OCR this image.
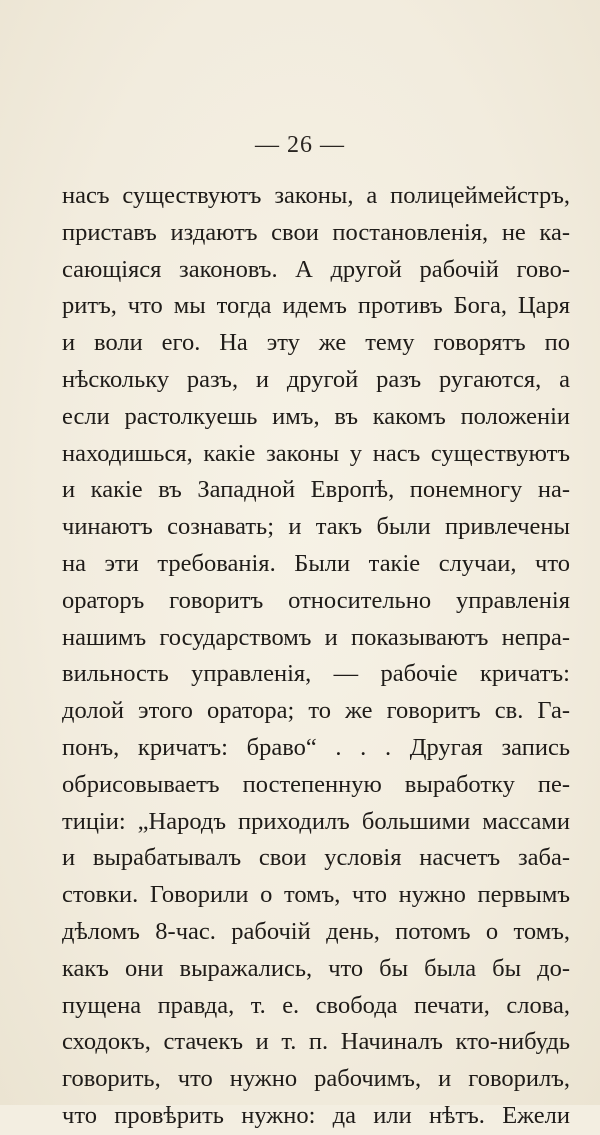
— 26 —
насъ существуютъ законы, а полицеймейстръ,
приставъ издаютъ свои постановленія, не ка-
сающіяся законовъ. А другой рабочій гово-
ритъ, что мы тогда идемъ противъ Бога, Царя
и воли его. На эту же тему говорятъ по
нѣскольку разъ, и другой разъ ругаются, а
если растолкуешь имъ, въ какомъ положеніи
находишься, какіе законы у насъ существуютъ
и какіе въ Западной Европѣ, понемногу на-
чинаютъ сознавать; и такъ были привлечены
на эти требованія. Были такіе случаи, что
ораторъ говоритъ относительно управленія
нашимъ государствомъ и показываютъ непра-
вильность управленія, — рабочіе кричатъ:
долой этого оратора; то же говоритъ св. Га-
понъ, кричатъ: браво“ . . . Другая запись
обрисовываетъ постепенную выработку пе-
тиціи: „Народъ приходилъ большими массами
и вырабатывалъ свои условія насчетъ заба-
стовки. Говорили о томъ, что нужно первымъ
дѣломъ 8-час. рабочій день, потомъ о томъ,
какъ они выражались, что бы была бы до-
пущена правда, т. е. свобода печати, слова,
сходокъ, стачекъ и т. п. Начиналъ кто-нибудь
говорить, что нужно рабочимъ, и говорилъ,
что провѣрить нужно: да или нѣтъ. Ежели
